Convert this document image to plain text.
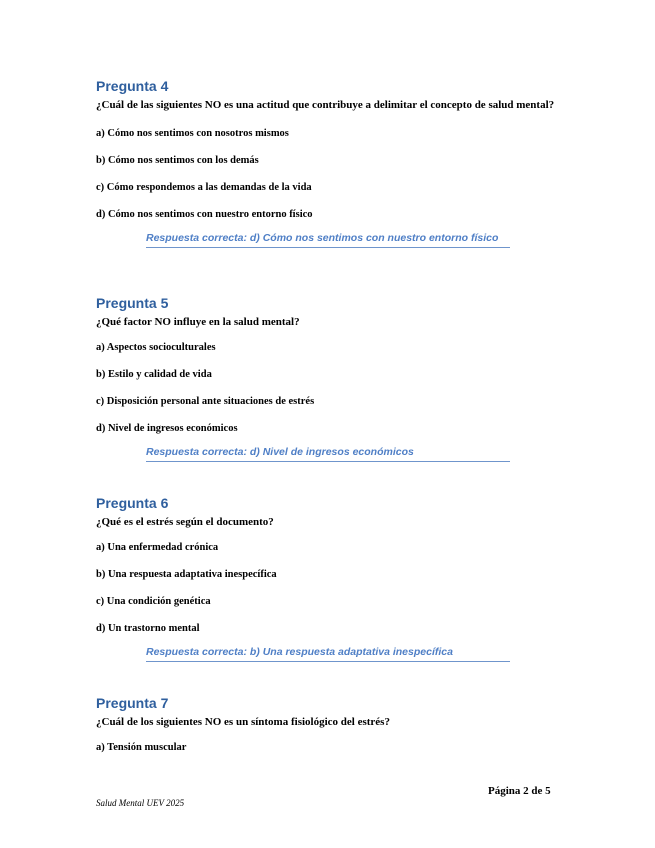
Pregunta 4

¿Cuál de las siguientes NO es una actitud que contribuye a delimitar el concepto de salud mental?

a) Cómo nos sentimos con nosotros mismos

b) Cómo nos sentimos con los demás

c) Cómo respondemos a las demandas de la vida

d) Cómo nos sentimos con nuestro entorno físico

Respuesta correcta: d) Cómo nos sentimos con nuestro entorno físico
Pregunta 5

¿Qué factor NO influye en la salud mental?

a) Aspectos socioculturales

b) Estilo y calidad de vida

c) Disposición personal ante situaciones de estrés

d) Nivel de ingresos económicos

Respuesta correcta: d) Nivel de ingresos económicos
Pregunta 6

¿Qué es el estrés según el documento?

a) Una enfermedad crónica

b) Una respuesta adaptativa inespecífica

c) Una condición genética

d) Un trastorno mental

Respuesta correcta: b) Una respuesta adaptativa inespecífica
Pregunta 7

¿Cuál de los siguientes NO es un síntoma fisiológico del estrés?

a) Tensión muscular

Página 2 de 5
Salud Mental UEV 2025
